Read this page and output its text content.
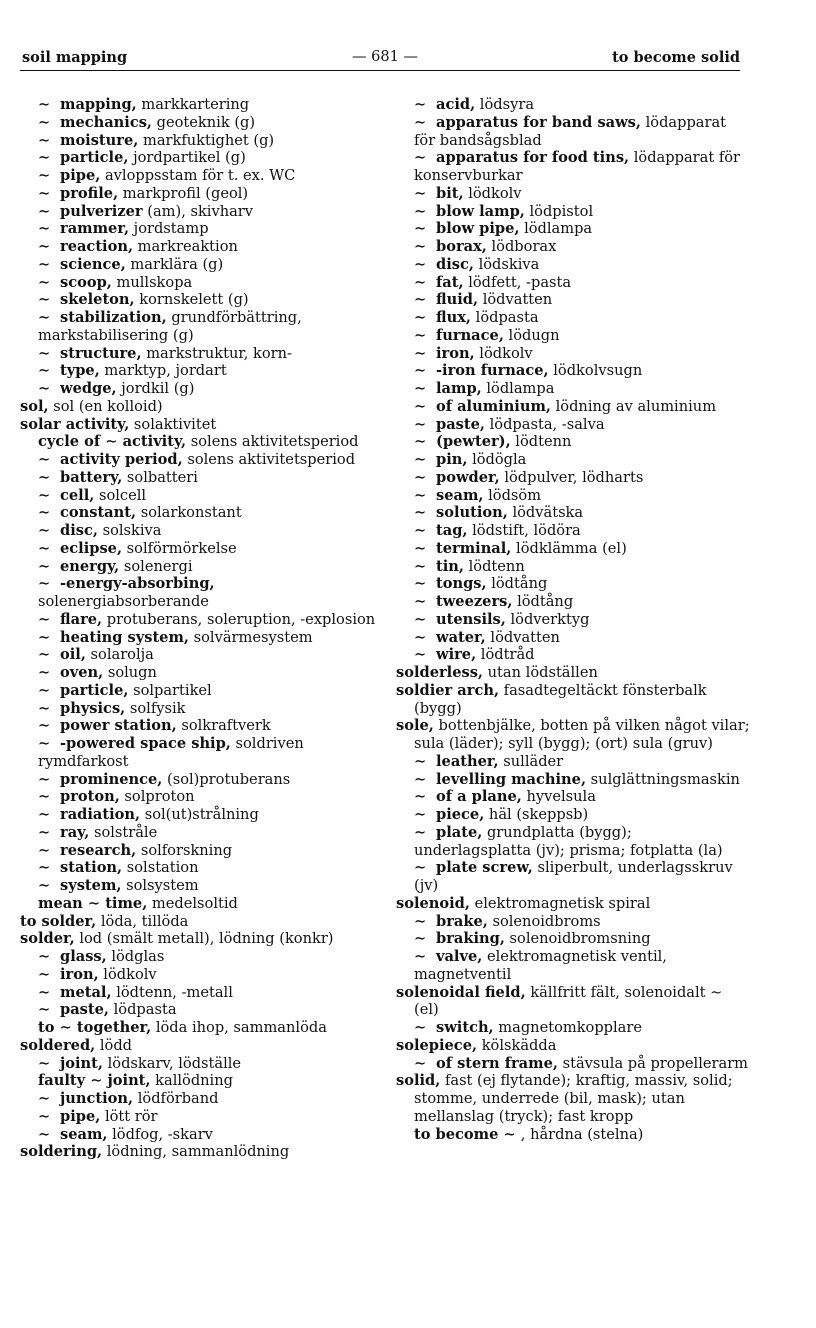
soil mapping	— 681 —	to become solid

∼ mapping, markkartering

∼ mechanics, geoteknik (g)

∼ moisture, markfuktighet (g)

∼ particle, jordpartikel (g)

∼ pipe, avloppsstam för t. ex. WC

∼ profile, markprofil (geol)

∼ pulverizer (am), skivharv

∼ rammer, jordstamp

∼ reaction, markreaktion

∼ science, marklära (g)

∼ scoop, mullskopa

∼ skeleton, kornskelett (g)

∼ stabilization, grundförbättring, markstabilisering (g)

∼ structure, markstruktur, korn-

∼ type, marktyp, jordart

∼ wedge, jordkil (g)

sol, sol (en kolloid)

solar activity, solaktivitet

cycle of ∼ activity, solens aktivitetsperiod

∼ activity period, solens aktivitetsperiod

∼ battery, solbatteri

∼ cell, solcell

∼ constant, solarkonstant

∼ disc, solskiva

∼ eclipse, solförmörkelse

∼ energy, solenergi

∼ -energy-absorbing, solenergiabsorberande

∼ flare, protuberans, soleruption, -explosion

∼ heating system, solvärmesystem

∼ oil, solarolja

∼ oven, solugn

∼ particle, solpartikel

∼ physics, solfysik

∼ power station, solkraftverk

∼ -powered space ship, soldriven rymdfarkost

∼ prominence, (sol)protuberans

∼ proton, solproton

∼ radiation, sol(ut)strålning

∼ ray, solstråle

∼ research, solforskning

∼ station, solstation

∼ system, solsystem

mean ∼ time, medelsoltid

to solder, löda, tillöda

solder, lod (smält metall), lödning (konkr)

∼ glass, lödglas

∼ iron, lödkolv

∼ metal, lödtenn, -metall

∼ paste, lödpasta

to ∼ together, löda ihop, sammanlöda

soldered, lödd

∼ joint, lödskarv, lödställe

faulty ∼ joint, kallödning

∼ junction, lödförband

∼ pipe, lött rör

∼ seam, lödfog, -skarv

soldering, lödning, sammanlödning

∼ acid, lödsyra

∼ apparatus for band saws, lödapparat för bandsågsblad

∼ apparatus for food tins, lödapparat för konservburkar

∼ bit, lödkolv

∼ blow lamp, lödpistol

∼ blow pipe, lödlampa

∼ borax, lödborax

∼ disc, lödskiva

∼ fat, lödfett, -pasta

∼ fluid, lödvatten

∼ flux, lödpasta

∼ furnace, lödugn

∼ iron, lödkolv

∼ -iron furnace, lödkolvsugn

∼ lamp, lödlampa

∼ of aluminium, lödning av aluminium

∼ paste, lödpasta, -salva

∼ (pewter), lödtenn

∼ pin, lödögla

∼ powder, lödpulver, lödharts

∼ seam, lödsöm

∼ solution, lödvätska

∼ tag, lödstift, lödöra

∼ terminal, lödklämma (el)

∼ tin, lödtenn

∼ tongs, lödtång

∼ tweezers, lödtång

∼ utensils, lödverktyg

∼ water, lödvatten

∼ wire, lödtråd

solderless, utan lödställen

soldier arch, fasadtegeltäckt fönsterbalk (bygg)

sole, bottenbjälke, botten på vilken något vilar; sula (läder); syll (bygg); (ort) sula (gruv)

∼ leather, sulläder

∼ levelling machine, sulglättningsmaskin

∼ of a plane, hyvelsula

∼ piece, häl (skeppsb)

∼ plate, grundplatta (bygg); underlagsplatta (jv); prisma; fotplatta (la)

∼ plate screw, sliperbult, underlagsskruv (jv)

solenoid, elektromagnetisk spiral

∼ brake, solenoidbroms

∼ braking, solenoidbromsning

∼ valve, elektromagnetisk ventil, magnetventil

solenoidal field, källfritt fält, solenoidalt ∼ (el)

∼ switch, magnetomkopplare

solepiece, kölskädda

∼ of stern frame, stävsula på propellerarm

solid, fast (ej flytande); kraftig, massiv, solid; stomme, underrede (bil, mask); utan mellanslag (tryck); fast kropp

to become ∼ , hårdna (stelna)
